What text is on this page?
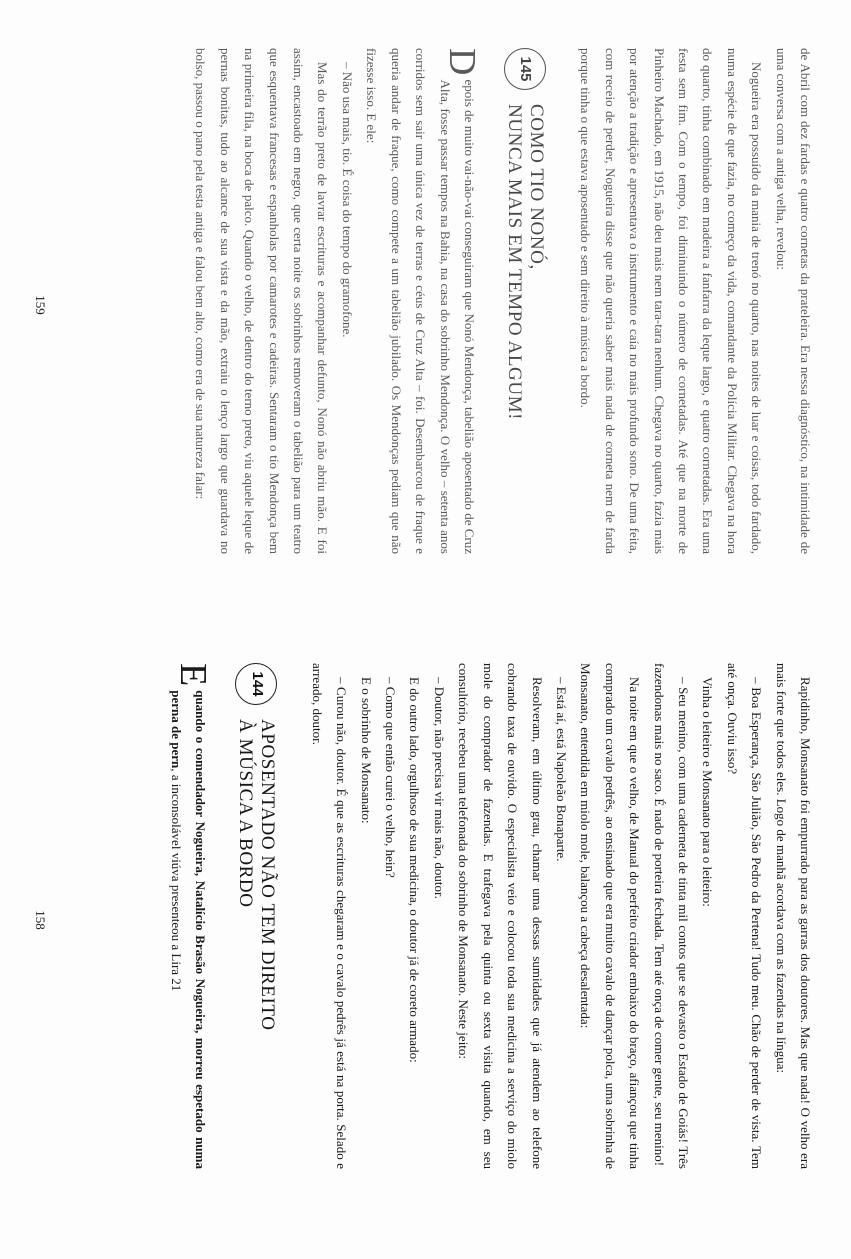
Rapidinho, Monsanato foi empurrado para as garras dos doutores. Mas que nada! O velho era mais forte que todos eles. Logo de manhã acordava com as fazendas na língua:

– Boa Esperança, São Julião, São Pedro da Pertena! Tudo meu. Chão de perder de vista. Tem até onça. Ouviu isso?

Vinha o leiteiro e Monsanato para o leiteiro:

– Seu menino, com uma caderneta de tinta mil contos que se devasto o Estado de Goiás! Três fazendonas mais no saco. É nado de porteira fechada. Tem até onça de comer gente, seu menino!

Na noite em que o velho, de Manual do perfeito criador embaixo do braço, afiançou que tinha comprado um cavalo pedrês, ao ensinado que era muito cavalo de dançar polca, uma sobrinha de Monsanato, entendida em miolo mole, balançou a cabeça desalentada:

– Está aí, está Napoleão Bonaparte.

Resolveram, em último grau, chamar uma dessas sumidades que já atendem ao telefone cobrando taxa de ouvido. O especialista veio e colocou toda sua medicina a serviço do miolo mole do comprador de fazendas. E trafegava pela quinta ou sexta visita quando, em seu consultório, recebeu uma telefonada do sobrinho de Monsanato. Neste jeito:

– Doutor, não precisa vir mais não, doutor.

E do outro lado, orgulhoso de sua medicina, o doutor já de coreto armado:

– Como que então curei o velho, hein?

E o sobrinho de Monsanato:

– Curou não, doutor. É que as escrituras chegaram e o cavalo pedrês já está na porta. Selado e arreado, doutor.

144
APOSENTADO NÃO TEM DIREITO
À MÚSICA A BORDO

E
quando o comendador Nogueira, Natalício Brasão Nogueira, morreu espetado numa perna de pern, a inconsolável viúva presenteou a Lira 21

158

de Abril com dez fardas e quatro cornetas da prateleira. Era nessa diagnóstico, na intimidade de uma conversa com a antiga velha, revelou:

Nogueira era possuído da mania de trenó no quarto, nas noites de luar e coisas, todo fardado, numa espécie de que fazia, no começo da vida, comandante da Polícia Militar. Chegava na hora do quarto, tinha combinado em madeira a fanfarra da leque largo, e quatro cornetadas. Era uma festa sem fim. Com o tempo, foi diminuindo o número de cornetadas. Até que na morte de Pinheiro Machado, em 1915, não deu mais nem tara-tara nenhum. Chegava no quarto, fazia mais por atenção a tradição e apresentava o instrumento e caía no mais profundo sono. De uma feita, com receio de perder, Nogueira disse que não queria saber mais nada de corneta nem de farda porque tinha o que estava aposentado e sem direito à música a bordo.

145
COMO TIO NONÓ,
NUNCA MAIS EM TEMPO ALGUM!

D
epois de muito vai-não-vai conseguiram que Nonó Mendonça, tabelião aposentado de Cruz Alta, fosse passar tempos na Bahia, na casa do sobrinho Mendonça. O velho – setenta anos corridos sem sair uma única vez de terras e céus de Cruz Alta – foi. Desembarcou de fraque e queria andar de fraque, como compete a um tabelião jubilado. Os Mendonças pediam que não fizesse isso. E ele:

– Não usa mais, tio. É coisa do tempo do gramofone.

Mas do terrão preto de lavrar escrituras e acompanhar defunto, Nonó não abriu mão. E foi assim, encastoado em negro, que certa noite os sobrinhos removeram o tabelião para um teatro que esquentava francesas e espanholas por camarotes e cadeiras. Sentaram o tio Mendonça bem na primeira fila, na boca de palco. Quando o velho, de dentro do terno preto, viu aquele leque de pernas bonitas, tudo ao alcance de sua vista e da mão, extraiu o lenço largo que guardava no bolso, passou o pano pela testa antiga e falou bem alto, como era de sua natureza falar:

159
